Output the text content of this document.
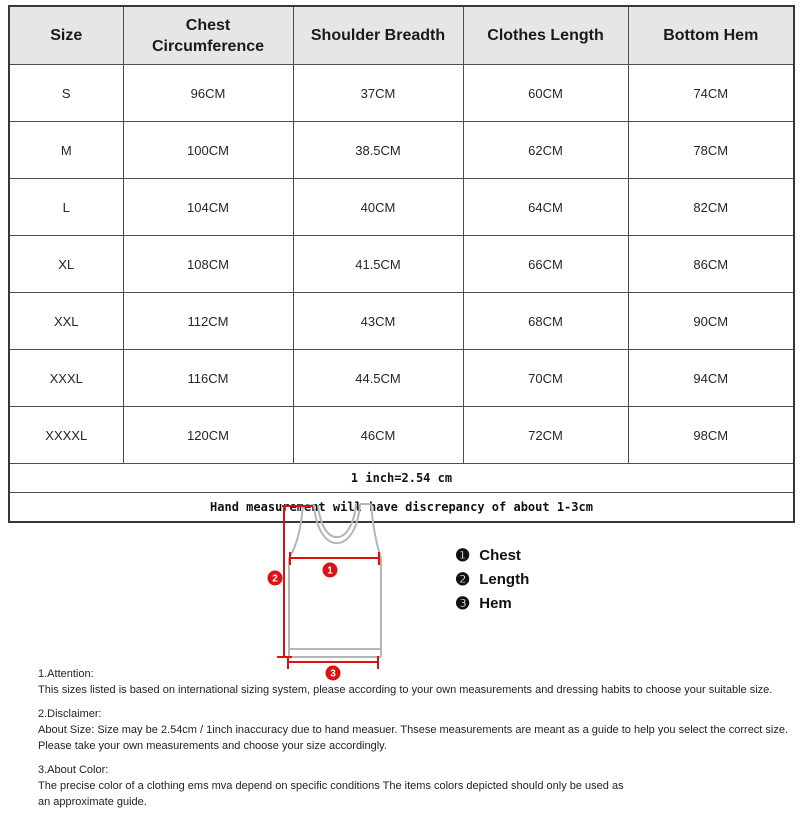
Size	Chest Circumference	Shoulder Breadth	Clothes Length	Bottom Hem
S	96CM	37CM	60CM	74CM
M	100CM	38.5CM	62CM	78CM
L	104CM	40CM	64CM	82CM
XL	108CM	41.5CM	66CM	86CM
XXL	112CM	43CM	68CM	90CM
XXXL	116CM	44.5CM	70CM	94CM
XXXXL	120CM	46CM	72CM	98CM
1 inch=2.54 cm				
Hand measurement will have discrepancy of about 1-3cm				
1
2
3
❶ Chest
❷ Length
❸ Hem
1.Attention:
This sizes listed is based on international sizing system, please according to your own measurements and dressing habits to choose your suitable size.
2.Disclaimer:
About Size: Size may be 2.54cm / 1inch inaccuracy due to hand measuer. Thsese measurements are meant as a guide to help you select the correct size.
Please take your own measurements and choose your size accordingly.
3.About Color:
The precise color of a clothing ems mva depend on specific conditions The items colors depicted should only be used as
an approximate guide.
